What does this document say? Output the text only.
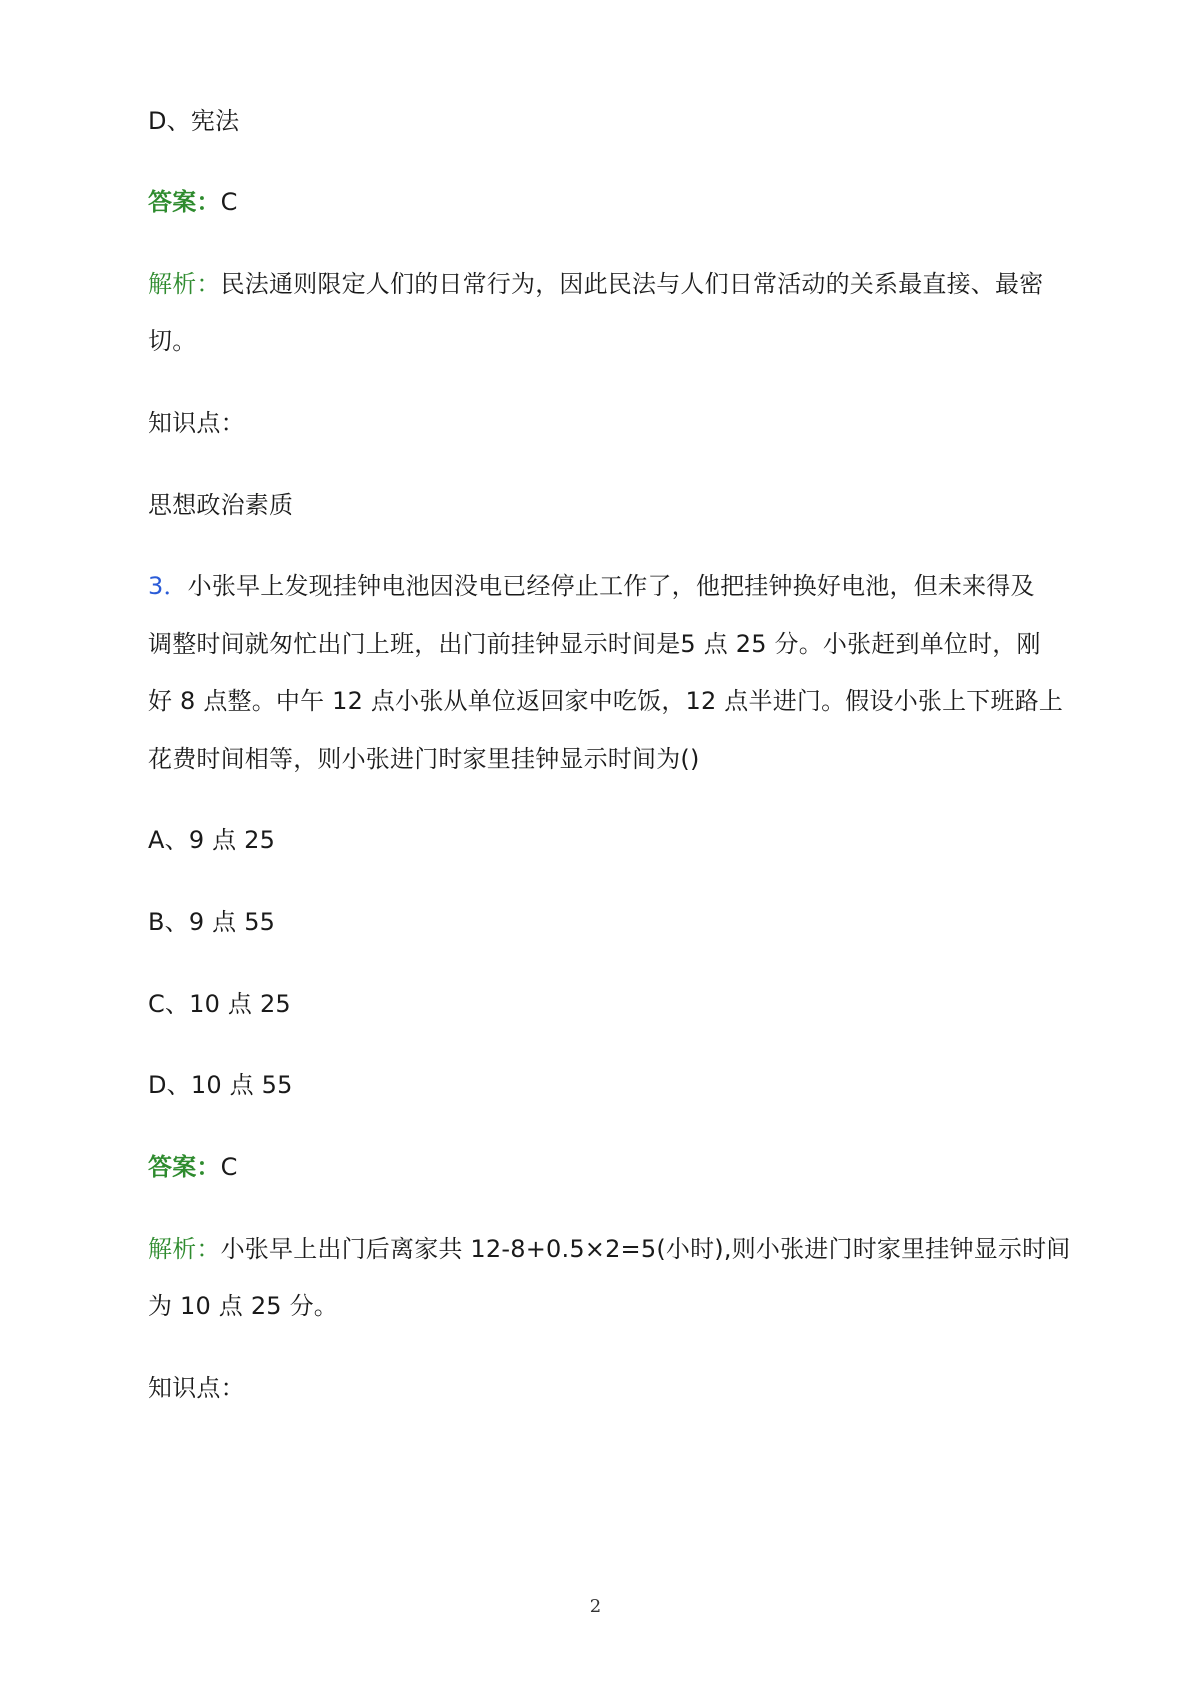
D、宪法
答案：C
解析：民法通则限定人们的日常行为，因此民法与人们日常活动的关系最直接、最密
切。
知识点：
思想政治素质
3．小张早上发现挂钟电池因没电已经停止工作了，他把挂钟换好电池，但未来得及
调整时间就匆忙出门上班，出门前挂钟显示时间是5 点 25 分。小张赶到单位时，刚
好 8 点整。中午 12 点小张从单位返回家中吃饭，12 点半进门。假设小张上下班路上
花费时间相等，则小张进门时家里挂钟显示时间为()
A、9 点 25
B、9 点 55
C、10 点 25
D、10 点 55
答案：C
解析：小张早上出门后离家共 12-8+0.5×2=5(小时),则小张进门时家里挂钟显示时间
为 10 点 25 分。
知识点：
2
